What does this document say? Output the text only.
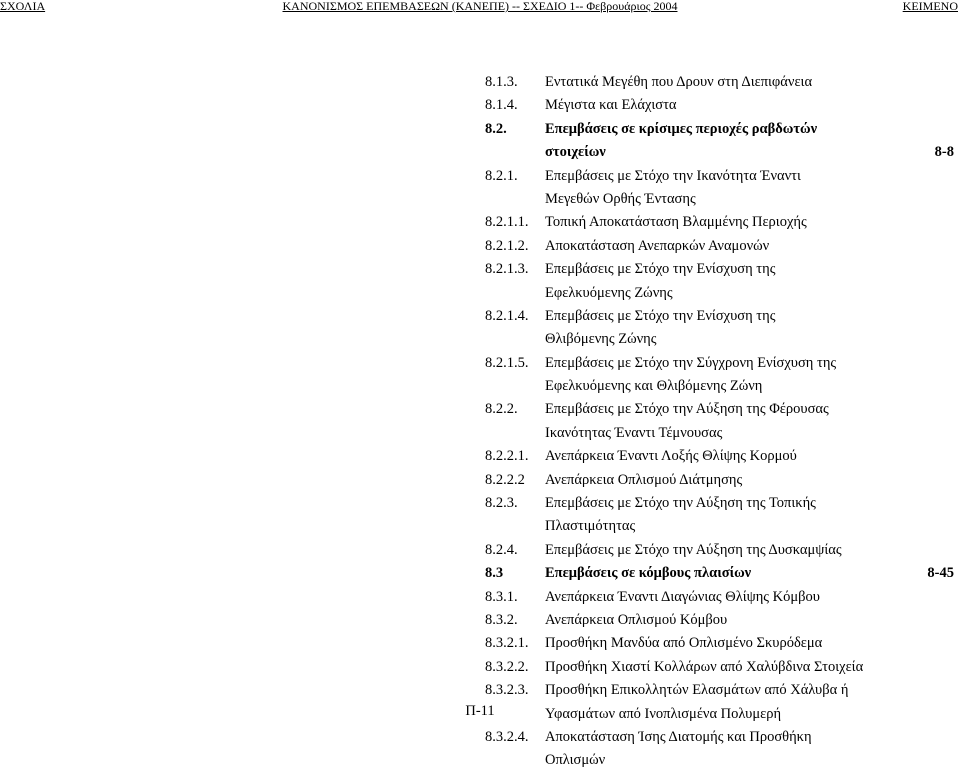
ΣΧΟΛΙΑ	ΚΑΝΟΝΙΣΜΟΣ ΕΠΕΜΒΑΣΕΩΝ (ΚΑΝΕΠΕ) -- ΣΧΕΔΙΟ 1-- Φεβρουάριος 2004	ΚΕΙΜΕΝΟ
8.1.3. Εντατικά Μεγέθη που Δρουν στη Διεπιφάνεια
8.1.4. Μέγιστα και Ελάχιστα
8.2.	Επεμβάσεις σε κρίσιμες περιοχές ραβδωτών
στοιχείων	8-8
8.2.1. Επεμβάσεις με Στόχο την Ικανότητα Έναντι
Μεγεθών Ορθής Έντασης
8.2.1.1. Τοπική Αποκατάσταση Βλαμμένης Περιοχής
8.2.1.2. Αποκατάσταση Ανεπαρκών Αναμονών
8.2.1.3. Επεμβάσεις με Στόχο την Ενίσχυση της
Εφελκυόμενης Ζώνης
8.2.1.4. Επεμβάσεις με Στόχο την Ενίσχυση της
Θλιβόμενης Ζώνης
8.2.1.5. Επεμβάσεις με Στόχο την Σύγχρονη Ενίσχυση της
Εφελκυόμενης και Θλιβόμενης Ζώνη
8.2.2. Επεμβάσεις με Στόχο την Αύξηση της Φέρουσας
Ικανότητας Έναντι Τέμνουσας
8.2.2.1. Ανεπάρκεια Έναντι Λοξής Θλίψης Κορμού
8.2.2.2 Ανεπάρκεια Οπλισμού Διάτμησης
8.2.3. Επεμβάσεις με Στόχο την Αύξηση της Τοπικής
Πλαστιμότητας
8.2.4. Επεμβάσεις με Στόχο την Αύξηση της Δυσκαμψίας
8.3	Επεμβάσεις σε κόμβους πλαισίων	8-45
8.3.1. Ανεπάρκεια Έναντι Διαγώνιας Θλίψης Κόμβου
8.3.2. Ανεπάρκεια Οπλισμού Κόμβου
8.3.2.1. Προσθήκη Μανδύα από Οπλισμένο Σκυρόδεμα
8.3.2.2. Προσθήκη Χιαστί Κολλάρων από Χαλύβδινα Στοιχεία
8.3.2.3. Προσθήκη Επικολλητών Ελασμάτων από Χάλυβα ή
Υφασμάτων από Ινοπλισμένα Πολυμερή
8.3.2.4. Αποκατάσταση Ίσης Διατομής και Προσθήκη
Οπλισμών
Π-11
